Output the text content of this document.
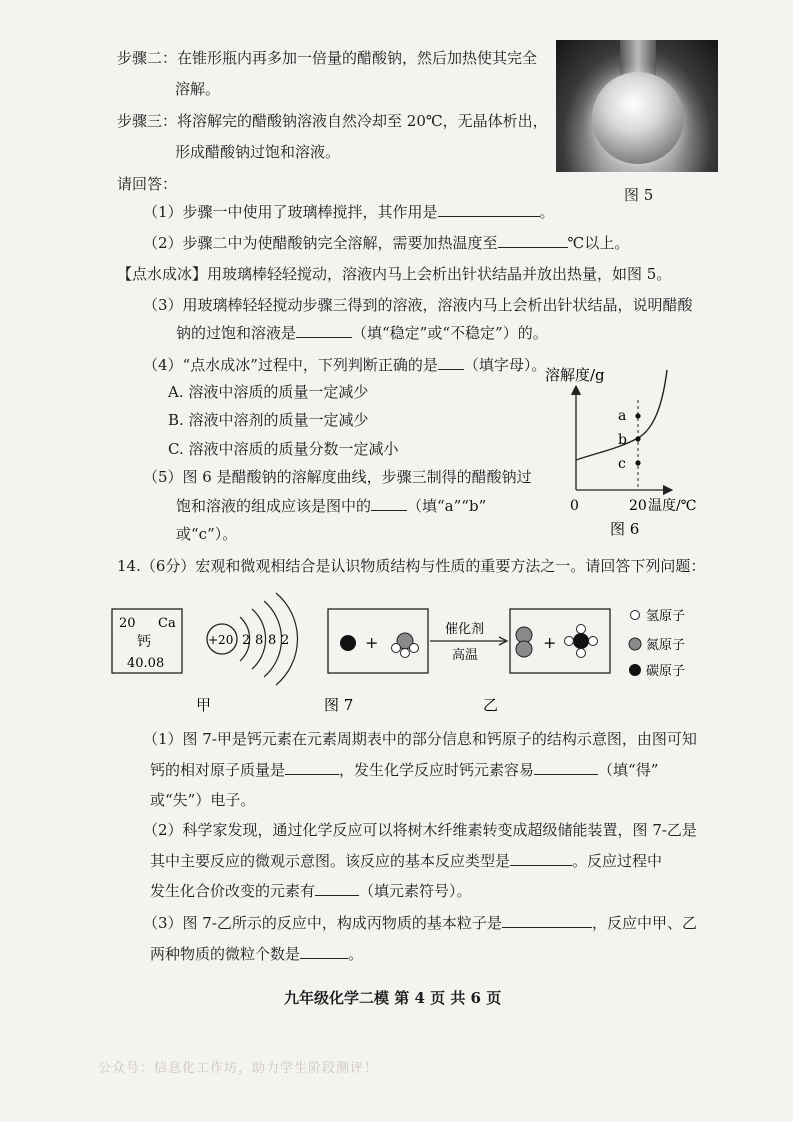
步骤二：在锥形瓶内再多加一倍量的醋酸钠，然后加热使其完全
溶解。
步骤三：将溶解完的醋酸钠溶液自然冷却至 20℃，无晶体析出，
形成醋酸钠过饱和溶液。
请回答：
图 5
（1）步骤一中使用了玻璃棒搅拌，其作用是	。
（2）步骤二中为使醋酸钠完全溶解，需要加热温度至	℃以上。
【点水成冰】用玻璃棒轻轻搅动，溶液内马上会析出针状结晶并放出热量，如图 5。
（3）用玻璃棒轻轻搅动步骤三得到的溶液，溶液内马上会析出针状结晶，说明醋酸
钠的过饱和溶液是	（填“稳定”或“不稳定”）的。
（4）“点水成冰”过程中，下列判断正确的是 （填字母）。
A. 溶液中溶质的质量一定减少
B. 溶液中溶剂的质量一定减少
C. 溶液中溶质的质量分数一定减小
（5）图 6 是醋酸钠的溶解度曲线，步骤三制得的醋酸钠过
饱和溶液的组成应该是图中的 （填“a”“b”
或“c”）。
溶解度/g
a
b
c
0	20 温度/℃
图 6
14.（6分）宏观和微观相结合是认识物质结构与性质的重要方法之一。请回答下列问题：
20 Ca
钙
40.08
+20 2 8 8 2	+
催化剂
高温
+
氢原子
氮原子
碳原子
甲	图 7	乙
（1）图 7-甲是钙元素在元素周期表中的部分信息和钙原子的结构示意图，由图可知
钙的相对原子质量是	，发生化学反应时钙元素容易	（填“得”
或“失”）电子。
（2）科学家发现，通过化学反应可以将树木纤维素转变成超级储能装置，图 7-乙是
其中主要反应的微观示意图。该反应的基本反应类型是	。反应过程中
发生化合价改变的元素有	（填元素符号）。
（3）图 7-乙所示的反应中，构成丙物质的基本粒子是	，反应中甲、乙
两种物质的微粒个数是	。
九年级化学二模 第 4 页 共 6 页
公众号：信息化工作坊，助力学生阶段测评！
